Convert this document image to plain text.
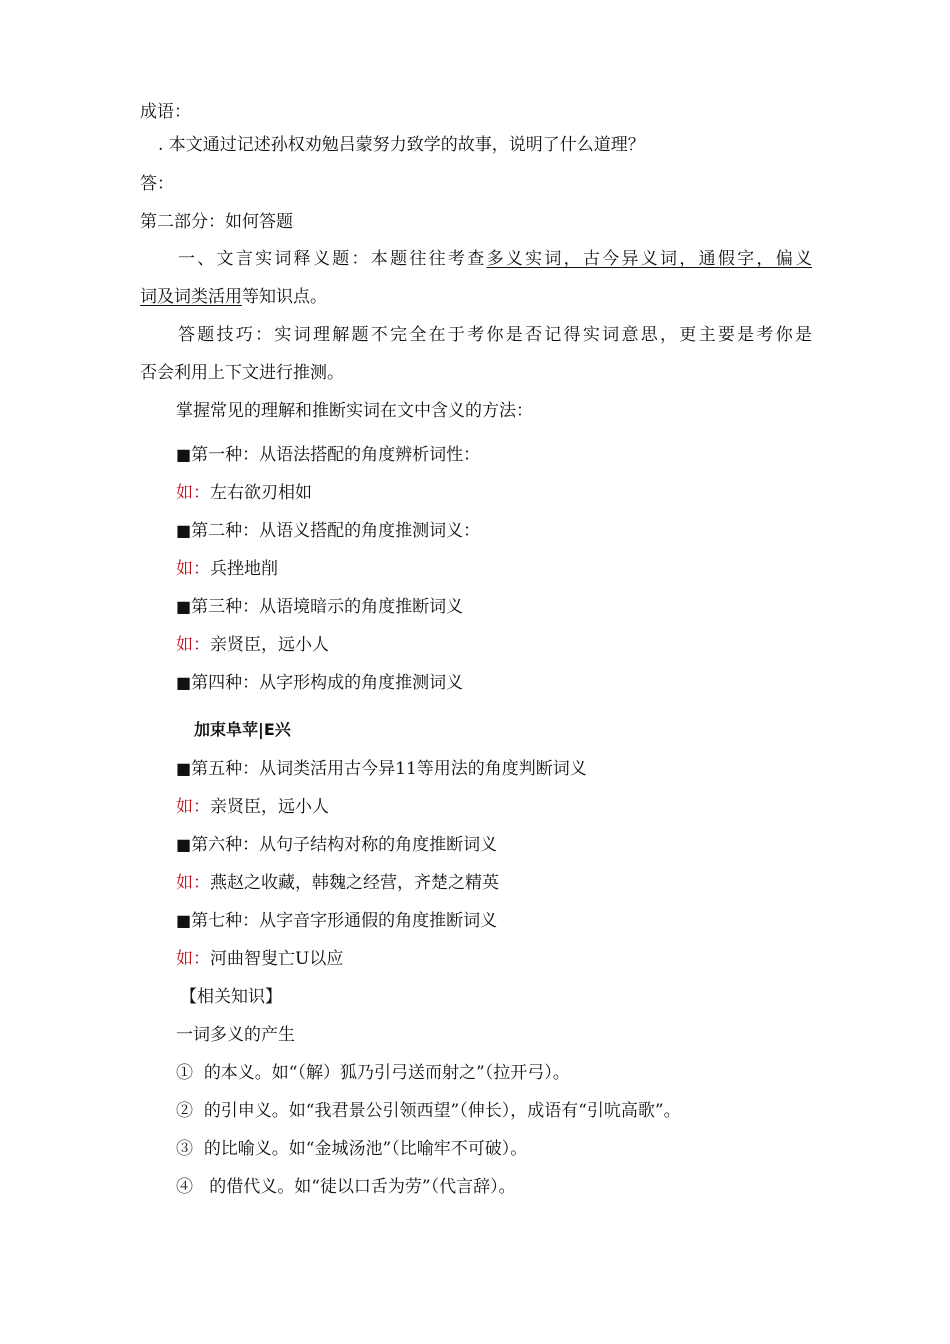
成语：
. 本文通过记述孙权劝勉吕蒙努力致学的故事，说明了什么道理？
答：
第二部分：如何答题
一、文言实词释义题：本题往往考查多义实词，古今异义词，通假字，偏义
词及词类活用等知识点。
答题技巧：实词理解题不完全在于考你是否记得实词意思，更主要是考你是
否会利用上下文进行推测。
掌握常见的理解和推断实词在文中含义的方法：
■第一种：从语法搭配的角度辨析词性：
如：左右欲刃相如
■第二种：从语义搭配的角度推测词义：
如：兵挫地削
■第三种：从语境暗示的角度推断词义
如：亲贤臣，远小人
■第四种：从字形构成的角度推测词义
加束阜苹|E兴
■第五种：从词类活用古今异11等用法的角度判断词义
如：亲贤臣，远小人
■第六种：从句子结构对称的角度推断词义
如：燕赵之收藏，韩魏之经营，齐楚之精英
■第七种：从字音字形通假的角度推断词义
如：河曲智叟亡U以应
【相关知识】
一词多义的产生
① 的本义。如“（解）狐乃引弓送而射之”（拉开弓）。
② 的引申义。如“我君景公引领西望”（伸长），成语有“引吭高歌”。
③ 的比喻义。如“金城汤池”（比喻牢不可破）。
④ 的借代义。如“徒以口舌为劳”（代言辞）。
